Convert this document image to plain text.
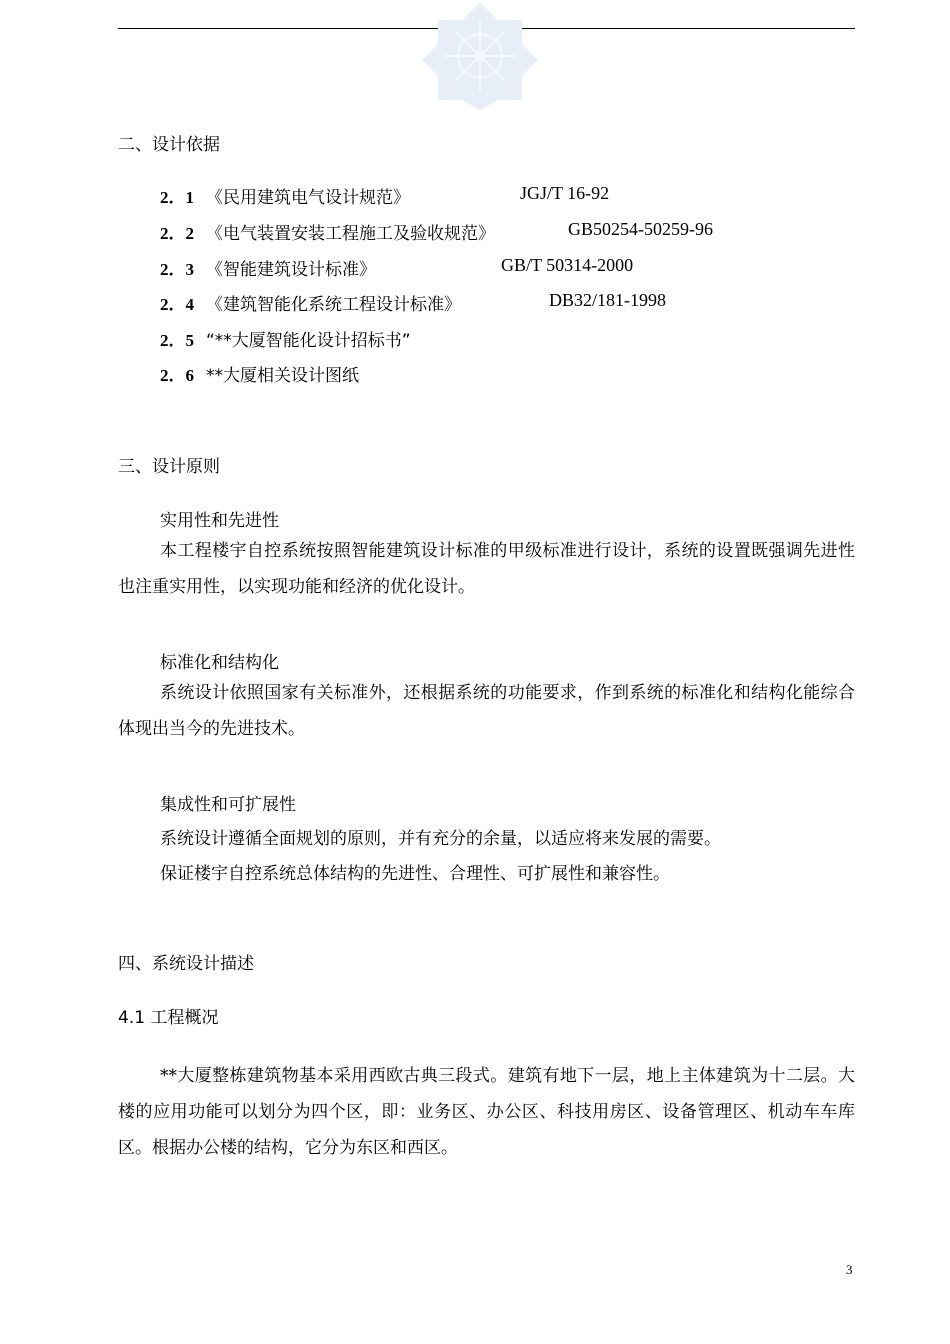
二、设计依据
2．1 《民用建筑电气设计规范》	JGJ/T 16-92
2．2 《电气装置安装工程施工及验收规范》	GB50254-50259-96
2．3 《智能建筑设计标准》	GB/T 50314-2000
2．4 《建筑智能化系统工程设计标准》	DB32/181-1998
2．5 “**大厦智能化设计招标书”
2．6 **大厦相关设计图纸
三、设计原则
实用性和先进性

本工程楼宇自控系统按照智能建筑设计标准的甲级标准进行设计，系统的设置既强调先进性也注重实用性，以实现功能和经济的优化设计。

标准化和结构化

系统设计依照国家有关标准外，还根据系统的功能要求，作到系统的标准化和结构化能综合体现出当今的先进技术。

集成性和可扩展性
系统设计遵循全面规划的原则，并有充分的余量，以适应将来发展的需要。
保证楼宇自控系统总体结构的先进性、合理性、可扩展性和兼容性。
四、系统设计描述
4.1 工程概况

**大厦整栋建筑物基本采用西欧古典三段式。建筑有地下一层，地上主体建筑为十二层。大楼的应用功能可以划分为四个区，即：业务区、办公区、科技用房区、设备管理区、机动车车库区。根据办公楼的结构，它分为东区和西区。

3
